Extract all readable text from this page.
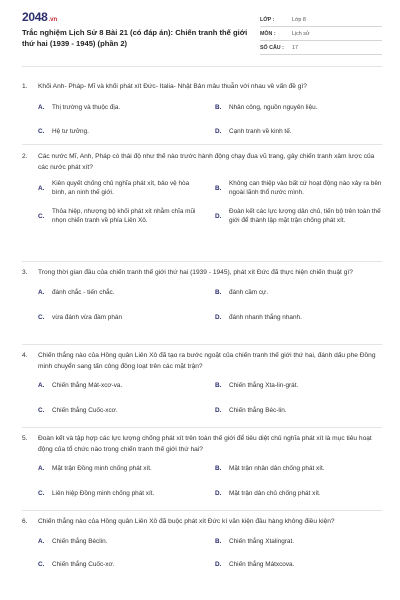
2048 .vn
Trắc nghiệm Lịch Sử 8 Bài 21 (có đáp án): Chiến tranh thế giới thứ hai (1939 - 1945) (phần 2)
LỚP :	Lớp 8
MÔN :	Lịch sử
SỐ CÂU :	17
1.	Khối Anh- Pháp- Mĩ và khối phát xít Đức- Italia- Nhật Bản mâu thuẫn với nhau về vấn đề gì?
A.	Thị trường và thuộc địa.	B.	Nhân công, nguồn nguyên liệu.
C.	Hệ tư tưởng.	D.	Cạnh tranh về kinh tế.
2.	Các nước Mĩ, Anh, Pháp có thái độ như thế nào trước hành động chạy đua vũ trang, gây chiến tranh xâm lược của các nước phát xít?
A.
Kiên quyết chống chủ nghĩa phát xít, bảo vệ hòa bình, an ninh thế giới.
B.
Không can thiệp vào bất cứ hoạt động nào xảy ra bên ngoài lãnh thổ nước mình.
C.
Thỏa hiệp, nhượng bộ khối phát xít nhằm chĩa mũi nhọn chiến tranh về phía Liên Xô.
D.
Đoàn kết các lực lượng dân chủ, tiến bộ trên toàn thế giới để thành lập mặt trận chống phát xít.
3.	Trong thời gian đầu của chiến tranh thế giới thứ hai (1939 - 1945), phát xít Đức đã thực hiện chiến thuật gì?
A.	đánh chắc - tiến chắc.	B.	đánh cầm cự.
C.	vừa đánh vừa đàm phán	D.	đánh nhanh thắng nhanh.
4.	Chiến thắng nào của Hồng quân Liên Xô đã tạo ra bước ngoặt của chiến tranh thế giới thứ hai, đánh dấu phe Đồng minh chuyển sang tấn công đồng loạt trên các mặt trận?
A.	Chiến thắng Mát-xcơ-va.	B.	Chiến thắng Xta-lin-grát.
C.	Chiến thắng Cuốc-xcơ.	D.	Chiến thắng Béc-lin.
5.	Đoàn kết và tập hợp các lực lượng chống phát xít trên toàn thế giới để tiêu diệt chủ nghĩa phát xít là mục tiêu hoạt động của tổ chức nào trong chiến tranh thế giới thứ hai?
A.	Mặt trận Đồng minh chống phát xít.	B.	Mặt trận nhân dân chống phát xít.
C.	Liên hiệp Đồng minh chống phát xít.	D.	Mặt trận dân chủ chống phát xít.
6.	Chiến thắng nào của Hồng quân Liên Xô đã buộc phát xít Đức kí văn kiện đầu hàng không điều kiện?
A.	Chiến thắng Béclin.	B.	Chiến thắng Xtalingrat.
C.	Chiến thắng Cuốc-xơ.	D.	Chiến thắng Mátxcova.
